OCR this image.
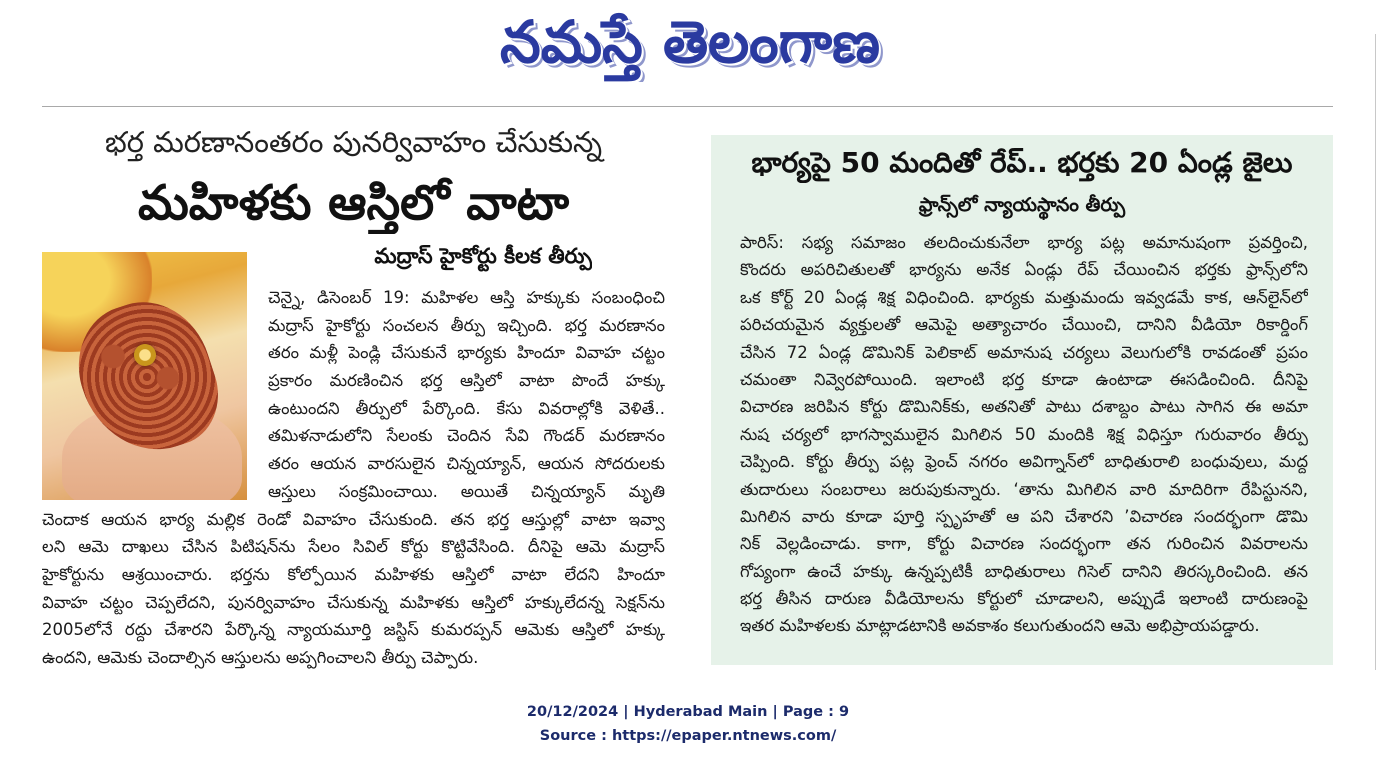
నమస్తే తెలంగాణ
భర్త మరణానంతరం పునర్వివాహం చేసుకున్న
మహిళకు ఆస్తిలో వాటా
మద్రాస్ హైకోర్టు కీలక తీర్పు
చెన్నై, డిసెంబర్ 19: మహిళల ఆస్తి హక్కుకు సంబంధించి
మద్రాస్ హైకోర్టు సంచలన తీర్పు ఇచ్చింది. భర్త మరణానం
తరం మళ్లీ పెండ్లి చేసుకునే భార్యకు హిందూ వివాహ చట్టం
ప్రకారం మరణించిన భర్త ఆస్తిలో వాటా పొందే హక్కు
ఉంటుందని తీర్పులో పేర్కొంది. కేసు వివరాల్లోకి వెళితే..
తమిళనాడులోని సేలంకు చెందిన సేవి గౌండర్ మరణానం
తరం ఆయన వారసులైన చిన్నయ్యాన్, ఆయన సోదరులకు
ఆస్తులు సంక్రమించాయి. అయితే చిన్నయ్యాన్ మృతి
చెందాక ఆయన భార్య మల్లిక రెండో వివాహం చేసుకుంది. తన భర్త ఆస్తుల్లో వాటా ఇవ్వా
లని ఆమె దాఖలు చేసిన పిటిషన్‌ను సేలం సివిల్ కోర్టు కొట్టివేసింది. దీనిపై ఆమె మద్రాస్
హైకోర్టును ఆశ్రయించారు. భర్తను కోల్పోయిన మహిళకు ఆస్తిలో వాటా లేదని హిందూ
వివాహ చట్టం చెప్పలేదని, పునర్వివాహం చేసుకున్న మహిళకు ఆస్తిలో హక్కులేదన్న సెక్షన్‌ను
2005లోనే రద్దు చేశారని పేర్కొన్న న్యాయమూర్తి జస్టిస్ కుమరప్పన్ ఆమెకు ఆస్తిలో హక్కు
ఉందని, ఆమెకు చెందాల్సిన ఆస్తులను అప్పగించాలని తీర్పు చెప్పారు.
భార్యపై 50 మందితో రేప్.. భర్తకు 20 ఏండ్ల జైలు
ఫ్రాన్స్‌లో న్యాయస్థానం తీర్పు
పారిస్: సభ్య సమాజం తలదించుకునేలా భార్య పట్ల అమానుషంగా ప్రవర్తించి,
కొందరు అపరిచితులతో భార్యను అనేక ఏండ్లు రేప్ చేయించిన భర్తకు ఫ్రాన్స్‌లోని
ఒక కోర్ట్ 20 ఏండ్ల శిక్ష విధించింది. భార్యకు మత్తుమందు ఇవ్వడమే కాక, ఆన్‌లైన్‌లో
పరిచయమైన వ్యక్తులతో ఆమెపై అత్యాచారం చేయించి, దానిని వీడియో రికార్డింగ్
చేసిన 72 ఏండ్ల డొమినిక్ పెలికాట్ అమానుష చర్యలు వెలుగులోకి రావడంతో ప్రపం
చమంతా నివ్వెరపోయింది. ఇలాంటి భర్త కూడా ఉంటాడా ఈసడించింది. దీనిపై
విచారణ జరిపిన కోర్టు డొమినిక్‌కు, అతనితో పాటు దశాబ్దం పాటు సాగిన ఈ అమా
నుష చర్యలో భాగస్వాములైన మిగిలిన 50 మందికి శిక్ష విధిస్తూ గురువారం తీర్పు
చెప్పింది. కోర్టు తీర్పు పట్ల ఫ్రెంచ్ నగరం అవిగ్నాన్‌లో బాధితురాలి బంధువులు, మద్ద
తుదారులు సంబరాలు జరుపుకున్నారు. ‘తాను మిగిలిన వారి మాదిరిగా రేపిస్టునని,
మిగిలిన వారు కూడా పూర్తి స్పృహతో ఆ పని చేశారని ’విచారణ సందర్భంగా డొమి
నిక్ వెల్లడించాడు. కాగా, కోర్టు విచారణ సందర్భంగా తన గురించిన వివరాలను
గోప్యంగా ఉంచే హక్కు ఉన్నప్పటికీ బాధితురాలు గిసెల్ దానిని తిరస్కరించింది. తన
భర్త తీసిన దారుణ వీడియోలను కోర్టులో చూడాలని, అప్పుడే ఇలాంటి దారుణంపై
ఇతర మహిళలకు మాట్లాడటానికి అవకాశం కలుగుతుందని ఆమె అభిప్రాయపడ్డారు.
20/12/2024 | Hyderabad Main | Page : 9
Source : https://epaper.ntnews.com/
